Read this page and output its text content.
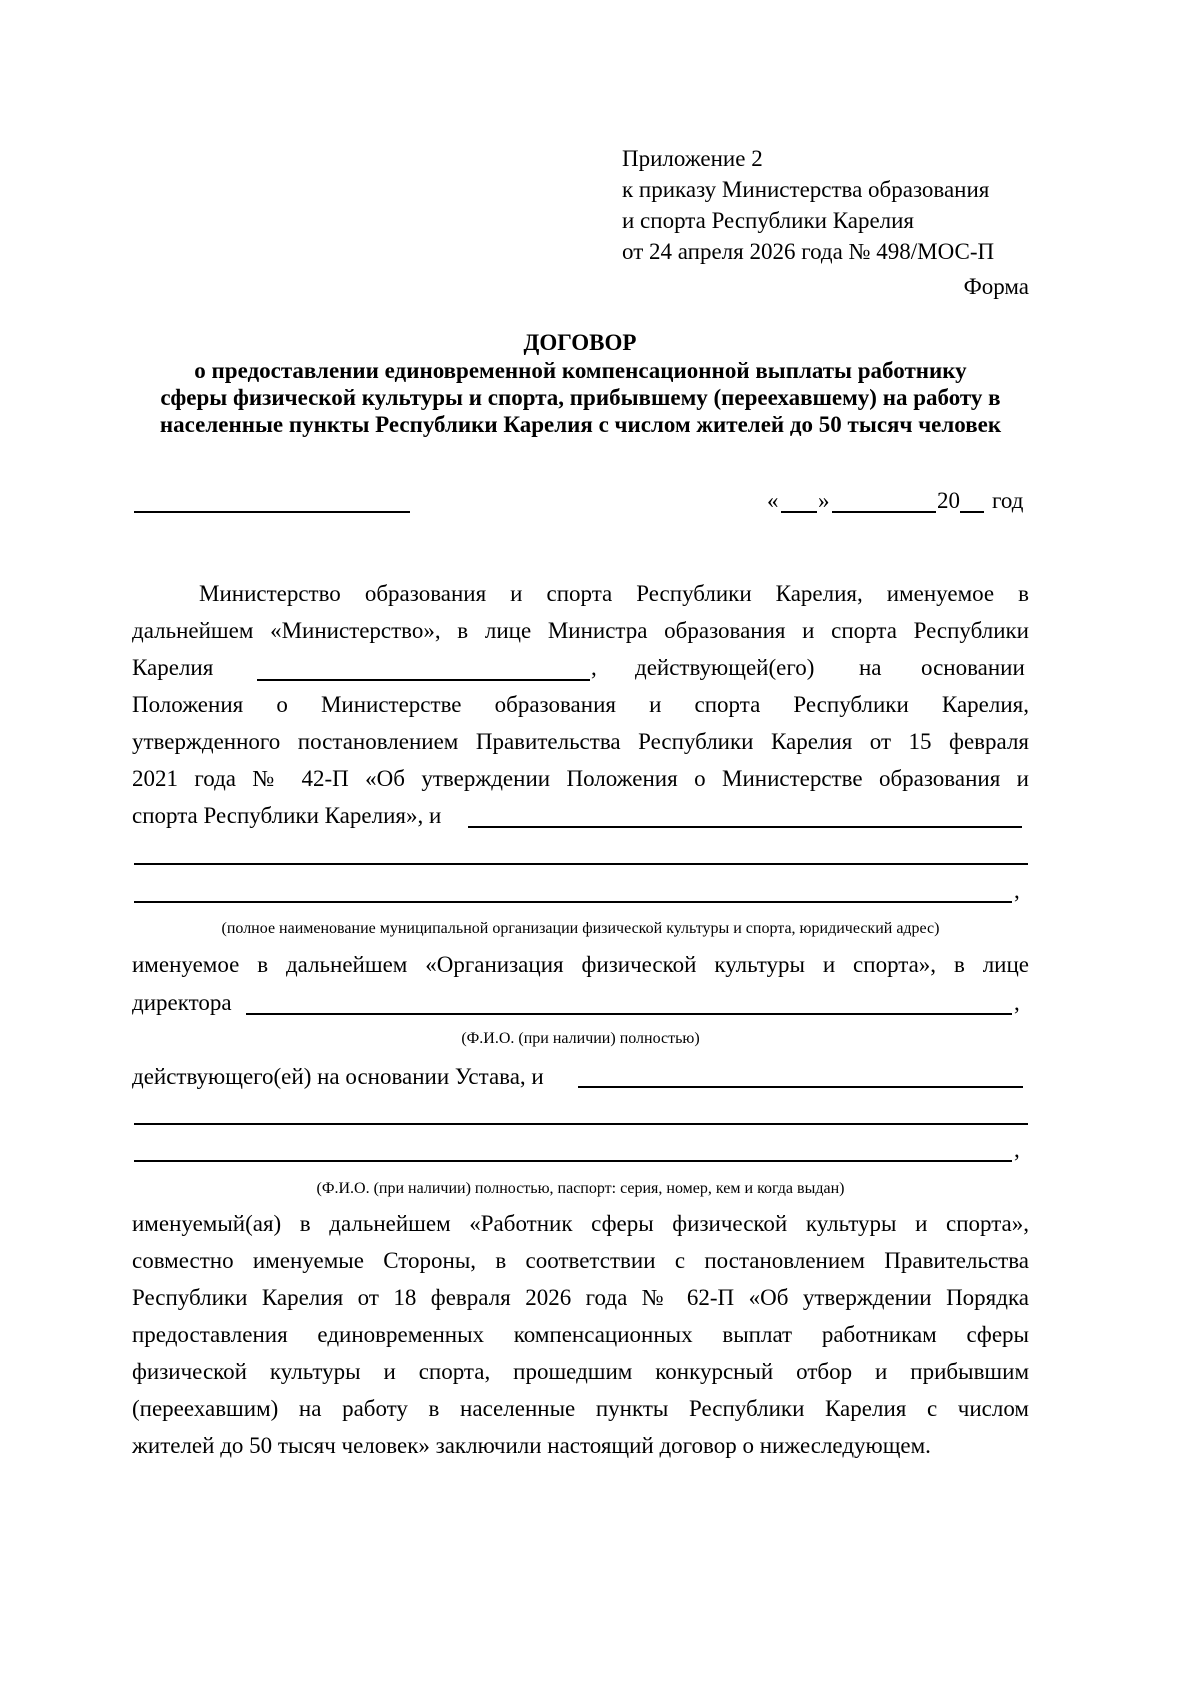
Приложение 2
к приказу Министерства образования
и спорта Республики Карелия
от 24 апреля 2026 года № 498/МОС-П
Форма
ДОГОВОР
о предоставлении единовременной компенсационной выплаты работнику
сферы физической культуры и спорта, прибывшему (переехавшему) на работу в
населенные пункты Республики Карелия с числом жителей до 50 тысяч человек
« »	20 год
Министерство образования и спорта Республики Карелия, именуемое в
дальнейшем «Министерство», в лице Министра образования и спорта Республики
Карелия	, действующей(его) на основании
Положения о Министерстве образования и спорта Республики Карелия,
утвержденного постановлением Правительства Республики Карелия от 15 февраля
2021 года № 42-П «Об утверждении Положения о Министерстве образования и
спорта Республики Карелия», и
,
(полное наименование муниципальной организации физической культуры и спорта, юридический адрес)
именуемое в дальнейшем «Организация физической культуры и спорта», в лице
директора	,
(Ф.И.О. (при наличии) полностью)
действующего(ей) на основании Устава, и
,
(Ф.И.О. (при наличии) полностью, паспорт: серия, номер, кем и когда выдан)
именуемый(ая) в дальнейшем «Работник сферы физической культуры и спорта»,
совместно именуемые Стороны, в соответствии с постановлением Правительства
Республики Карелия от 18 февраля 2026 года № 62-П «Об утверждении Порядка
предоставления единовременных компенсационных выплат работникам сферы
физической культуры и спорта, прошедшим конкурсный отбор и прибывшим
(переехавшим) на работу в населенные пункты Республики Карелия с числом
жителей до 50 тысяч человек» заключили настоящий договор о нижеследующем.
